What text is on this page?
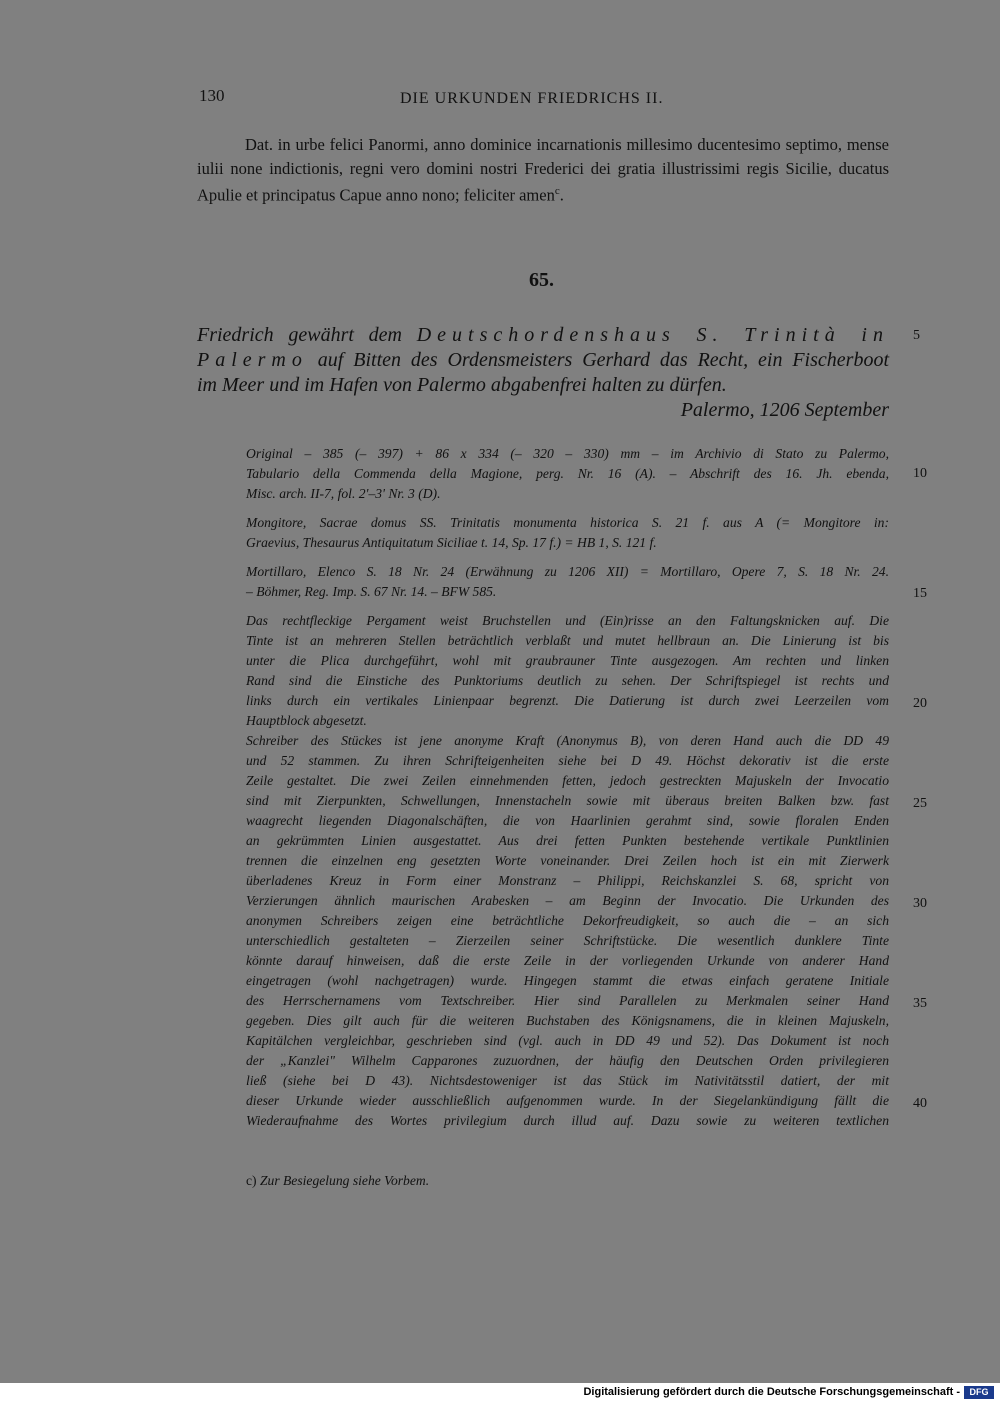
130	DIE URKUNDEN FRIEDRICHS II.
Dat. in urbe felici Panormi, anno dominice incarnationis millesimo ducentesimo septimo, mense iulii none indictionis, regni vero domini nostri Frederici dei gratia illustrissimi regis Sicilie, ducatus Apulie et principatus Capue anno nono; feliciter amen$^c$.
65.
Friedrich gewährt dem Deutschordenshaus S. Trinità in
Palermo auf Bitten des Ordensmeisters Gerhard das Recht, ein Fischerboot
im Meer und im Hafen von Palermo abgabenfrei halten zu dürfen.
Palermo, 1206 September

Original – 385 (– 397) + 86 x 334 (– 320 – 330) mm – im Archivio di Stato zu Palermo,
Tabulario della Commenda della Magione, perg. Nr. 16 (A). – Abschrift des 16. Jh. ebenda,
Misc. arch. II-7, fol. 2'–3' Nr. 3 (D).

Mongitore, Sacrae domus SS. Trinitatis monumenta historica S. 21 f. aus A (= Mongitore in:
Graevius, Thesaurus Antiquitatum Siciliae t. 14, Sp. 17 f.) = HB 1, S. 121 f.

Mortillaro, Elenco S. 18 Nr. 24 (Erwähnung zu 1206 XII) = Mortillaro, Opere 7, S. 18 Nr. 24.
– Böhmer, Reg. Imp. S. 67 Nr. 14. – BFW 585.

Das rechtfleckige Pergament weist Bruchstellen und (Ein)risse an den Faltungsknicken auf. Die
Tinte ist an mehreren Stellen beträchtlich verblaßt und mutet hellbraun an. Die Linierung ist bis
unter die Plica durchgeführt, wohl mit graubrauner Tinte ausgezogen. Am rechten und linken
Rand sind die Einstiche des Punktoriums deutlich zu sehen. Der Schriftspiegel ist rechts und
links durch ein vertikales Linienpaar begrenzt. Die Datierung ist durch zwei Leerzeilen vom
Hauptblock abgesetzt.
Schreiber des Stückes ist jene anonyme Kraft (Anonymus B), von deren Hand auch die DD 49
und 52 stammen. Zu ihren Schrifteigenheiten siehe bei D 49. Höchst dekorativ ist die erste
Zeile gestaltet. Die zwei Zeilen einnehmenden fetten, jedoch gestreckten Majuskeln der Invocatio
sind mit Zierpunkten, Schwellungen, Innenstacheln sowie mit überaus breiten Balken bzw. fast
waagrecht liegenden Diagonalschäften, die von Haarlinien gerahmt sind, sowie floralen Enden
an gekrümmten Linien ausgestattet. Aus drei fetten Punkten bestehende vertikale Punktlinien
trennen die einzelnen eng gesetzten Worte voneinander. Drei Zeilen hoch ist ein mit Zierwerk
überladenes Kreuz in Form einer Monstranz – Philippi, Reichskanzlei S. 68, spricht von
Verzierungen ähnlich maurischen Arabesken – am Beginn der Invocatio. Die Urkunden des
anonymen Schreibers zeigen eine beträchtliche Dekorfreudigkeit, so auch die – an sich
unterschiedlich gestalteten – Zierzeilen seiner Schriftstücke. Die wesentlich dunklere Tinte
könnte darauf hinweisen, daß die erste Zeile in der vorliegenden Urkunde von anderer Hand
eingetragen (wohl nachgetragen) wurde. Hingegen stammt die etwas einfach geratene Initiale
des Herrschernamens vom Textschreiber. Hier sind Parallelen zu Merkmalen seiner Hand
gegeben. Dies gilt auch für die weiteren Buchstaben des Königsnamens, die in kleinen Majuskeln,
Kapitälchen vergleichbar, geschrieben sind (vgl. auch in DD 49 und 52). Das Dokument ist noch
der „Kanzlei" Wilhelm Capparones zuzuordnen, der häufig den Deutschen Orden privilegieren
ließ (siehe bei D 43). Nichtsdestoweniger ist das Stück im Nativitätsstil datiert, der mit
dieser Urkunde wieder ausschließlich aufgenommen wurde. In der Siegelankündigung fällt die
Wiederaufnahme des Wortes privilegium durch illud auf. Dazu sowie zu weiteren textlichen

5
10
15
20
25
30
35
40
c) Zur Besiegelung siehe Vorbem.
Digitalisierung gefördert durch die Deutsche Forschungsgemeinschaft -	DFG
